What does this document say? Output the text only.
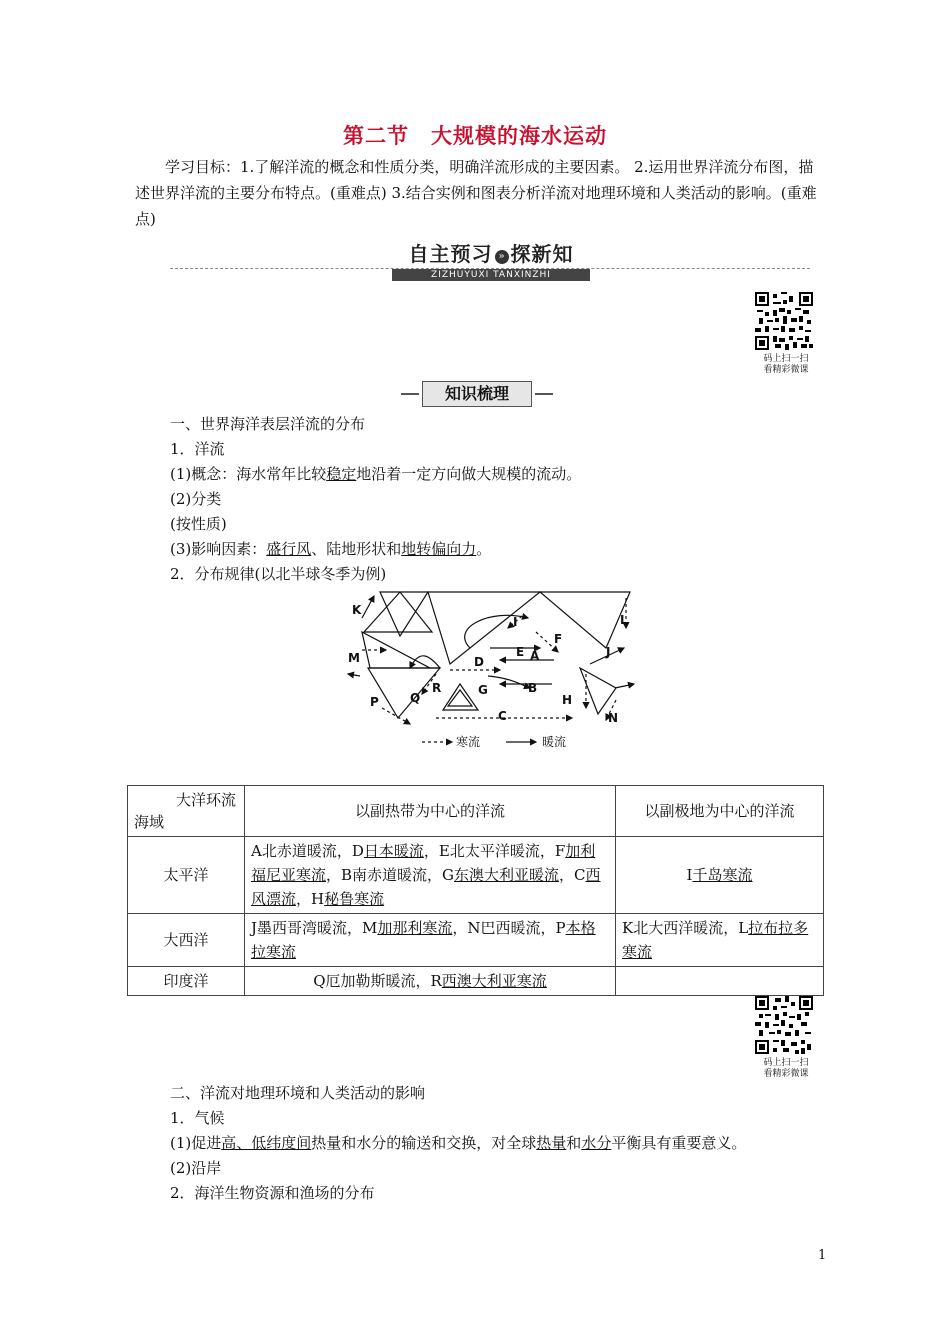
第二节 大规模的海水运动
学习目标：1.了解洋流的概念和性质分类，明确洋流形成的主要因素。 2.运用世界洋流分布图，描述世界洋流的主要分布特点。(重难点) 3.结合实例和图表分析洋流对地理环境和人类活动的影响。(重难点)
自主预习 » 探新知
ZIZHUYUXI TANXINZHI
码上扫一扫
看精彩微课
知识梳理
一、世界海洋表层洋流的分布
1．洋流
(1)概念：海水常年比较稳定地沿着一定方向做大规模的流动。
(2)分类
(按性质)
(3)影响因素：盛行风、陆地形状和地转偏向力。
2．分布规律(以北半球冬季为例)
K
I	L
M
F
E A
D
J
R	G	B
P	Q	H
C	N
寒流	暖流
大洋环流
海域	以副热带为中心的洋流	以副极地为中心的洋流
太平洋	A北赤道暖流，D日本暖流，E北太平洋暖流，F加利福尼亚寒流，B南赤道暖流，G东澳大利亚暖流，C西风漂流，H秘鲁寒流	I千岛寒流
大西洋	J墨西哥湾暖流，M加那利寒流，N巴西暖流，P本格拉寒流	K北大西洋暖流，L拉布拉多寒流
印度洋	Q厄加勒斯暖流，R西澳大利亚寒流	
码上扫一扫
看精彩微课
二、洋流对地理环境和人类活动的影响
1．气候
(1)促进高、低纬度间热量和水分的输送和交换，对全球热量和水分平衡具有重要意义。
(2)沿岸
2．海洋生物资源和渔场的分布
1
